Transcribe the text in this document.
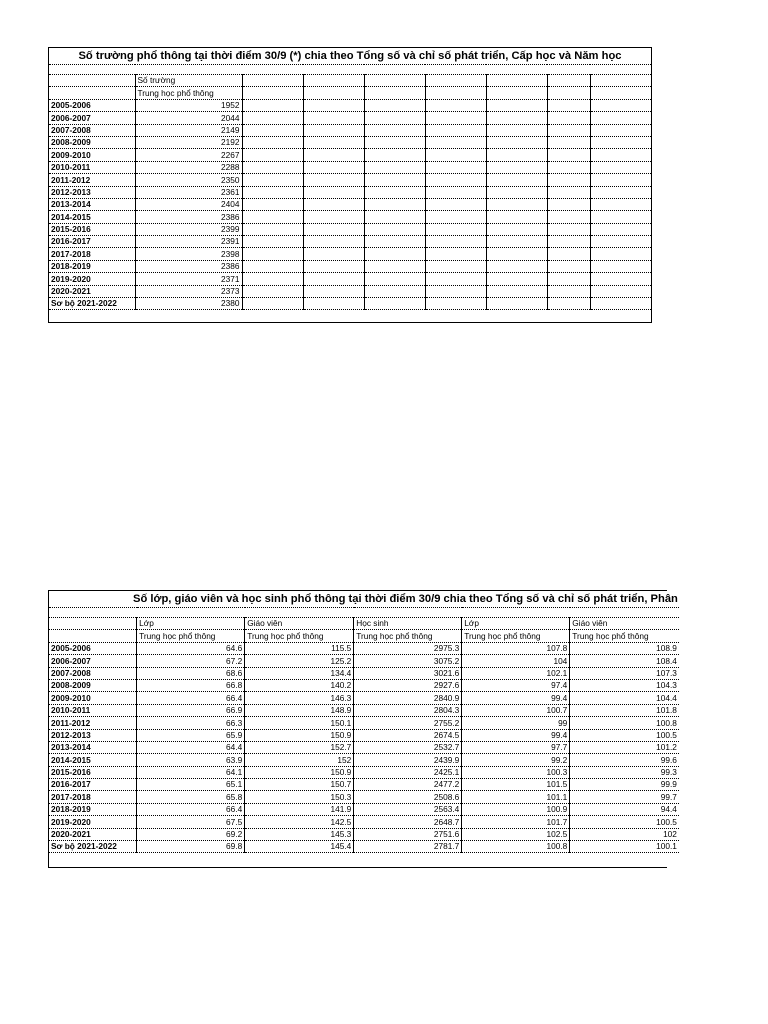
Số trường phổ thông tại thời điểm 30/9 (*) chia theo Tổng số và chỉ số phát triển, Cấp học và Năm học								

	Số trường							
	Trung học phổ thông							
2005-2006	1952							
2006-2007	2044							
2007-2008	2149							
2008-2009	2192							
2009-2010	2267							
2010-2011	2288							
2011-2012	2350							
2012-2013	2361							
2013-2014	2404							
2014-2015	2386							
2015-2016	2399							
2016-2017	2391							
2017-2018	2398							
2018-2019	2386							
2019-2020	2371							
2020-2021	2373							
Sơ bộ 2021-2022	2380							
Số lớp, giáo viên và học sinh phổ thông tại thời điểm 30/9 chia theo Tổng số và chỉ số phát triển, Phân					

	Lớp	Giáo viên	Học sinh	Lớp	Giáo viên
	Trung học phổ thông	Trung học phổ thông	Trung học phổ thông	Trung học phổ thông	Trung học phổ thông
2005-2006	64.6	115.5	2975.3	107.8	108.9
2006-2007	67.2	125.2	3075.2	104	108.4
2007-2008	68.6	134.4	3021.6	102.1	107.3
2008-2009	66.8	140.2	2927.6	97.4	104.3
2009-2010	66.4	146.3	2840.9	99.4	104.4
2010-2011	66.9	148.9	2804.3	100.7	101.8
2011-2012	66.3	150.1	2755.2	99	100.8
2012-2013	65.9	150.9	2674.5	99.4	100.5
2013-2014	64.4	152.7	2532.7	97.7	101.2
2014-2015	63.9	152	2439.9	99.2	99.6
2015-2016	64.1	150.9	2425.1	100.3	99.3
2016-2017	65.1	150.7	2477.2	101.5	99.9
2017-2018	65.8	150.3	2508.6	101.1	99.7
2018-2019	66.4	141.9	2563.4	100.9	94.4
2019-2020	67.5	142.5	2648.7	101.7	100.5
2020-2021	69.2	145.3	2751.6	102.5	102
Sơ bộ 2021-2022	69.8	145.4	2781.7	100.8	100.1
